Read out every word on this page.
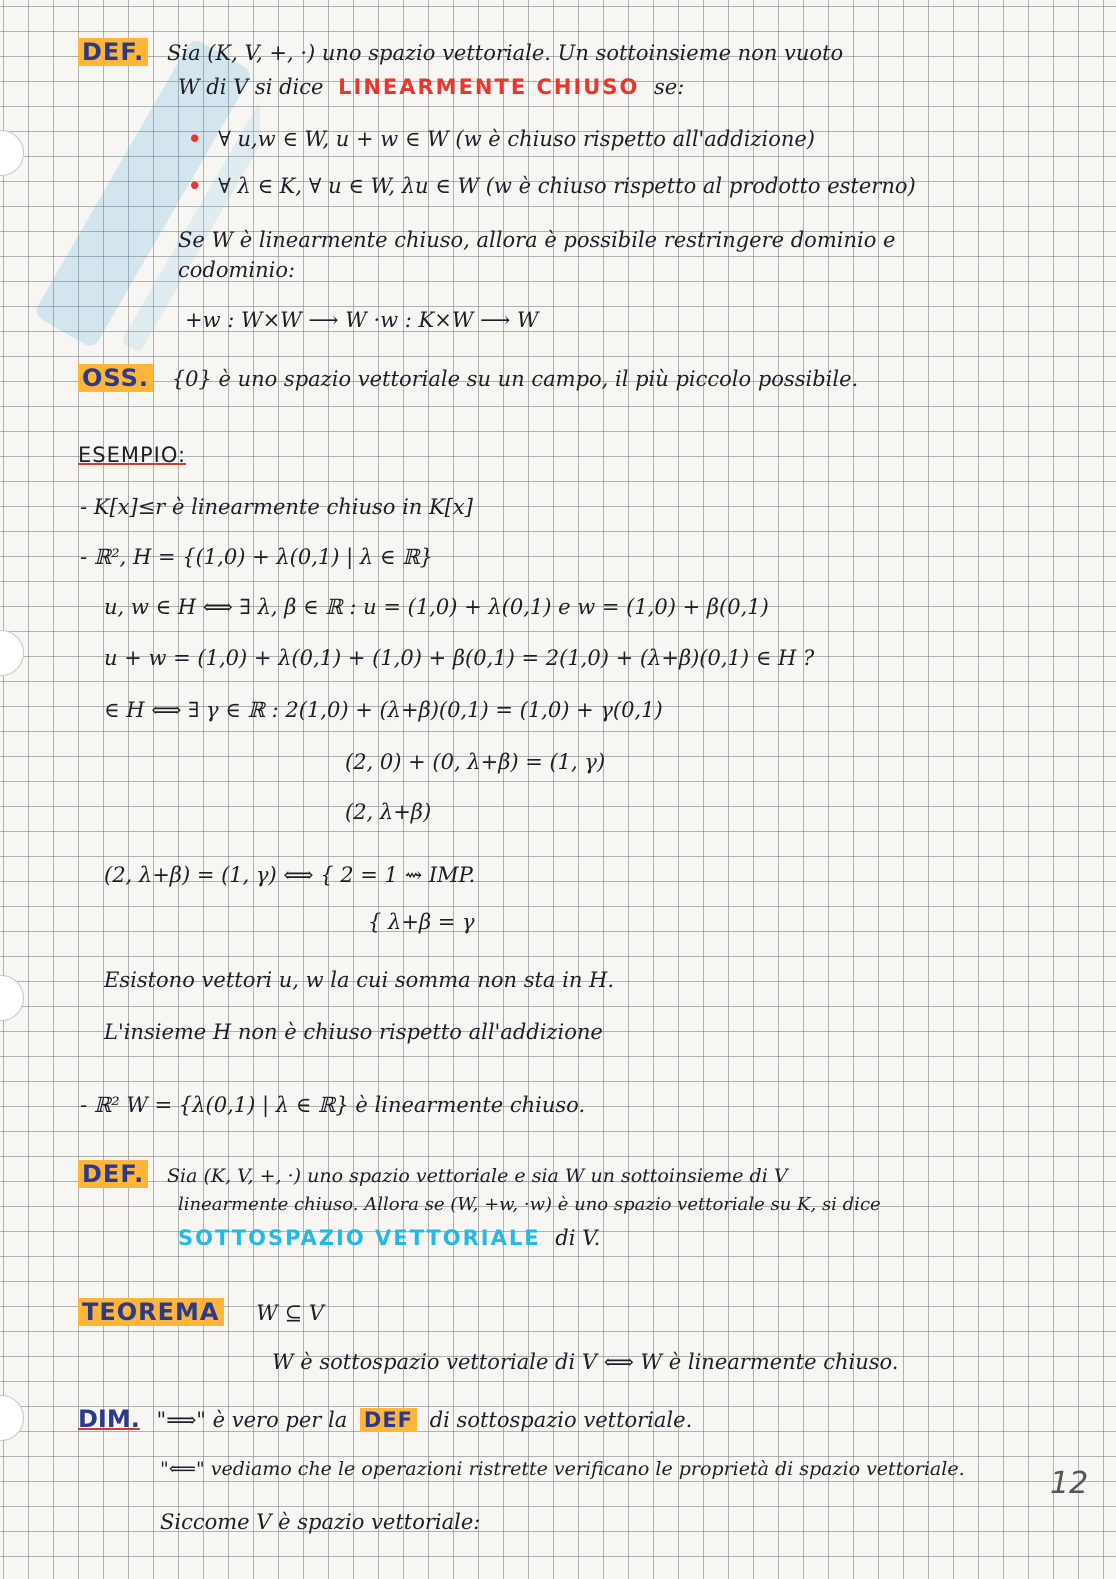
DEF. Sia (K, V, +, ·) uno spazio vettoriale. Un sottoinsieme non vuoto
W di V si dice LINEARMENTE CHIUSO se:
• ∀ u,w ∈ W, u + w ∈ W (w è chiuso rispetto all'addizione)
• ∀ λ ∈ K, ∀ u ∈ W, λu ∈ W (w è chiuso rispetto al prodotto esterno)
Se W è linearmente chiuso, allora è possibile restringere dominio e
codominio:
+w : W×W ⟶ W ·w : K×W ⟶ W
OSS. {0} è uno spazio vettoriale su un campo, il più piccolo possibile.
ESEMPIO:
- K[x]≤r è linearmente chiuso in K[x]
- ℝ², H = {(1,0) + λ(0,1) | λ ∈ ℝ}
u, w ∈ H ⟺ ∃ λ, β ∈ ℝ : u = (1,0) + λ(0,1) e w = (1,0) + β(0,1)
u + w = (1,0) + λ(0,1) + (1,0) + β(0,1) = 2(1,0) + (λ+β)(0,1) ∈ H ?
∈ H ⟺ ∃ γ ∈ ℝ : 2(1,0) + (λ+β)(0,1) = (1,0) + γ(0,1)
(2, 0) + (0, λ+β) = (1, γ)
(2, λ+β)
(2, λ+β) = (1, γ) ⟺ { 2 = 1 ⇝ IMP.
{ λ+β = γ
Esistono vettori u, w la cui somma non sta in H.
L'insieme H non è chiuso rispetto all'addizione
- ℝ² W = {λ(0,1) | λ ∈ ℝ} è linearmente chiuso.
DEF. Sia (K, V, +, ·) uno spazio vettoriale e sia W un sottoinsieme di V
linearmente chiuso. Allora se (W, +w, ·w) è uno spazio vettoriale su K, si dice
SOTTOSPAZIO VETTORIALE di V.
TEOREMA W ⊆ V
W è sottospazio vettoriale di V ⟺ W è linearmente chiuso.
DIM. "⟹" è vero per la DEF di sottospazio vettoriale.
"⟸" vediamo che le operazioni ristrette verificano le proprietà di spazio vettoriale.
Siccome V è spazio vettoriale:
12
